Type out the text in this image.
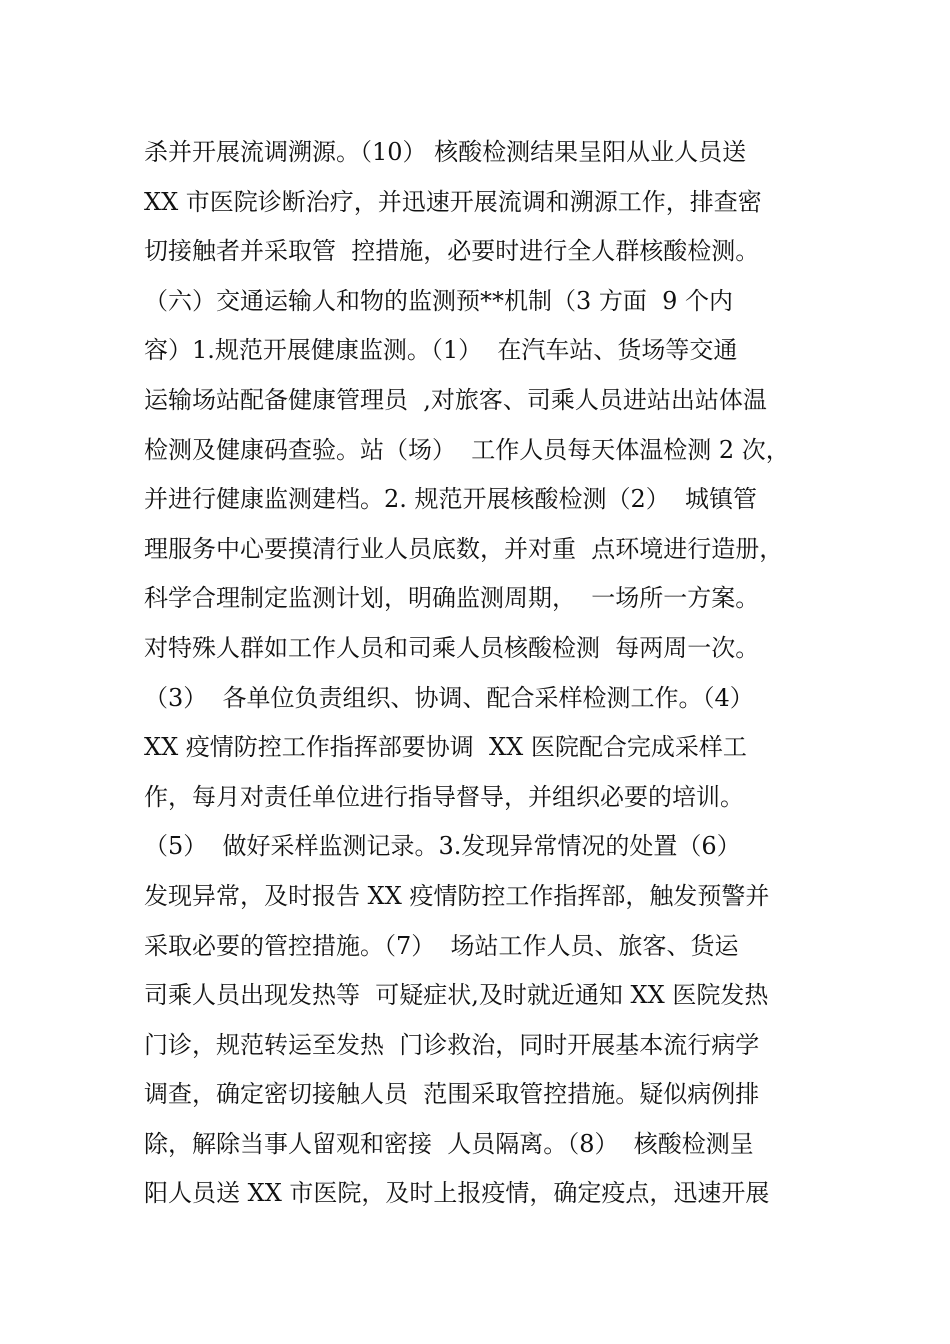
杀并开展流调溯源。（10） 核酸检测结果呈阳从业人员送
XX 市医院诊断治疗，并迅速开展流调和溯源工作，排查密
切接触者并采取管  控措施，必要时进行全人群核酸检测。
（六）交通运输人和物的监测预**机制（3 方面  9 个内
容）1.规范开展健康监测。（1）  在汽车站、货场等交通
运输场站配备健康管理员  ,对旅客、司乘人员进站出站体温
检测及健康码查验。站（场）  工作人员每天体温检测 2 次，
并进行健康监测建档。2. 规范开展核酸检测（2）  城镇管
理服务中心要摸清行业人员底数，并对重  点环境进行造册，
科学合理制定监测计划，明确监测周期，  一场所一方案。
对特殊人群如工作人员和司乘人员核酸检测  每两周一次。
（3）  各单位负责组织、协调、配合采样检测工作。（4）
XX 疫情防控工作指挥部要协调  XX 医院配合完成采样工
作，每月对责任单位进行指导督导，并组织必要的培训。
（5）  做好采样监测记录。3.发现异常情况的处置（6）
发现异常，及时报告 XX 疫情防控工作指挥部，触发预警并
采取必要的管控措施。（7）  场站工作人员、旅客、货运
司乘人员出现发热等  可疑症状,及时就近通知 XX 医院发热
门诊，规范转运至发热  门诊救治，同时开展基本流行病学
调查，确定密切接触人员  范围采取管控措施。疑似病例排
除，解除当事人留观和密接  人员隔离。（8）  核酸检测呈
阳人员送 XX 市医院，及时上报疫情，确定疫点，迅速开展
